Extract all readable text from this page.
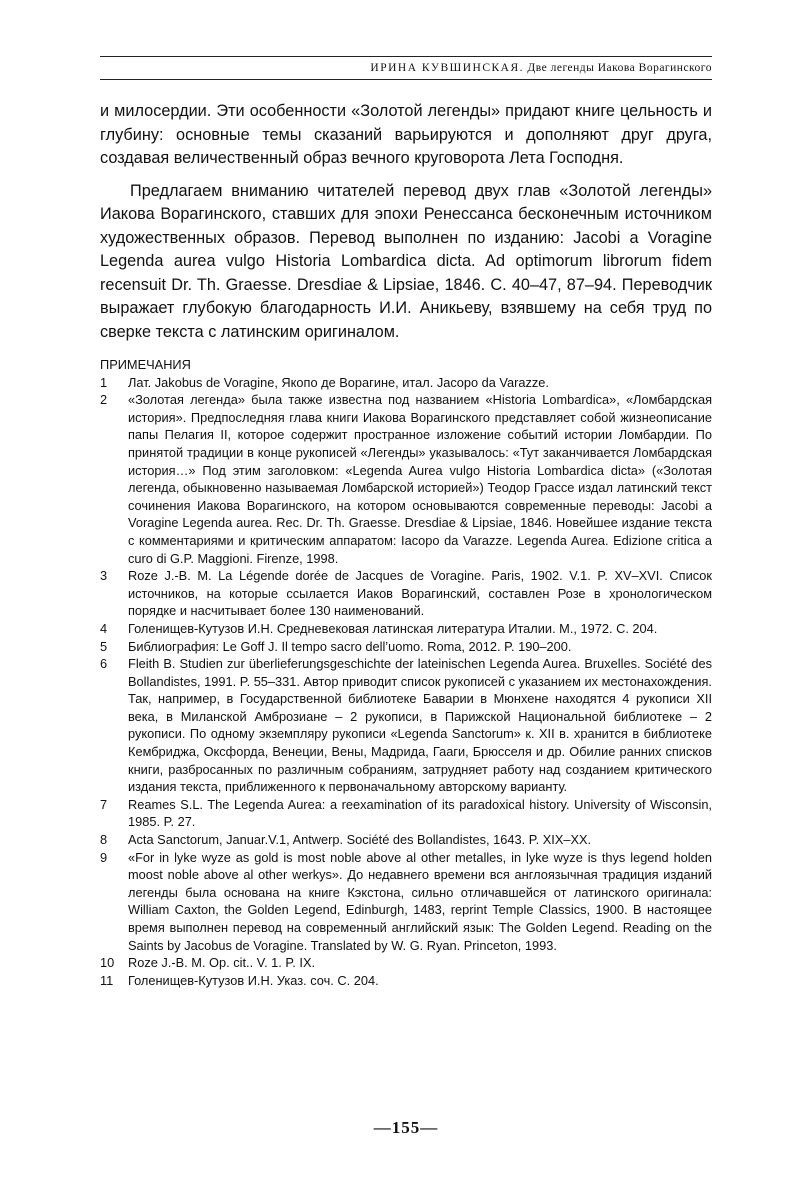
ИРИНА КУВШИНСКАЯ. Две легенды Иакова Ворагинского

и милосердии. Эти особенности «Золотой легенды» придают книге цельность и глубину: основные темы сказаний варьируются и дополняют друг друга, создавая величественный образ вечного круговорота Лета Господня.

Предлагаем вниманию читателей перевод двух глав «Золотой легенды» Иакова Ворагинского, ставших для эпохи Ренессанса бесконечным источником художественных образов. Перевод выполнен по изданию: Jacobi a Voragine Legenda aurea vulgo Historia Lombardica dicta. Ad optimorum librorum fidem recensuit Dr. Th. Graesse. Dresdiae & Lipsiae, 1846. С. 40–47, 87–94. Переводчик выражает глубокую благодарность И.И. Аникьеву, взявшему на себя труд по сверке текста с латинским оригиналом.

ПРИМЕЧАНИЯ
1	Лат. Jakobus de Voragine, Якопо де Ворагине, итал. Jacopo da Varazze.
2	«Золотая легенда» была также известна под названием «Historia Lombardica», «Ломбардская история». Предпоследняя глава книги Иакова Ворагинского представляет собой жизнеописание папы Пелагия II, которое содержит пространное изложение событий истории Ломбардии. По принятой традиции в конце рукописей «Легенды» указывалось: «Тут заканчивается Ломбардская история…» Под этим заголовком: «Legenda Aurea vulgo Historia Lombardica dicta» («Золотая легенда, обыкновенно называемая Ломбарской историей») Теодор Грассе издал латинский текст сочинения Иакова Ворагинского, на котором основываются современные переводы: Jacobi a Voragine Legenda aurea. Rec. Dr. Th. Graesse. Dresdiae & Lipsiae, 1846. Новейшее издание текста с комментариями и критическим аппаратом: Iacopo da Varazze. Legenda Aurea. Edizione critica a curo di G.P. Maggioni. Firenze, 1998.
3	Roze J.-B. M. La Légende dorée de Jacques de Voragine. Paris, 1902. V.1. P. XV–XVI. Список источников, на которые ссылается Иаков Ворагинский, составлен Розе в хронологическом порядке и насчитывает более 130 наименований.
4	Голенищев-Кутузов И.Н. Средневековая латинская литература Италии. М., 1972. С. 204.
5	Библиография: Le Goff J. Il tempo sacro dell’uomo. Roma, 2012. P. 190–200.
6	Fleith B. Studien zur überlieferungsgeschichte der lateinischen Legenda Aurea. Bruxelles. Société des Bollandistes, 1991. P. 55–331. Автор приводит список рукописей с указанием их местонахождения. Так, например, в Государственной библиотеке Баварии в Мюнхене находятся 4 рукописи XII века, в Миланской Амброзиане – 2 рукописи, в Парижской Национальной библиотеке – 2 рукописи. По одному экземпляру рукописи «Legenda Sanctorum» к. XII в. хранится в библиотеке Кембриджа, Оксфорда, Венеции, Вены, Мадрида, Гааги, Брюсселя и др. Обилие ранних списков книги, разбросанных по различным собраниям, затрудняет работу над созданием критического издания текста, приближенного к первоначальному авторскому варианту.
7	Reames S.L. The Legenda Aurea: a reexamination of its paradoxical history. University of Wisconsin, 1985. P. 27.
8	Acta Sanctorum, Januar.V.1, Antwerp. Société des Bollandistes, 1643. P. XIX–XX.
9	«For in lyke wyze as gold is most noble above al other metalles, in lyke wyze is thys legend holden moost noble above al other werkys». До недавнего времени вся англоязычная традиция изданий легенды была основана на книге Кэкстона, сильно отличавшейся от латинского оригинала: William Caxton, the Golden Legend, Edinburgh, 1483, reprint Temple Classics, 1900. В настоящее время выполнен перевод на современный английский язык: The Golden Legend. Reading on the Saints by Jacobus de Voragine. Translated by W. G. Ryan. Princeton, 1993.
10	Roze J.-B. M. Op. cit.. V. 1. P. IX.
11	Голенищев-Кутузов И.Н. Указ. соч. С. 204.
—155—
